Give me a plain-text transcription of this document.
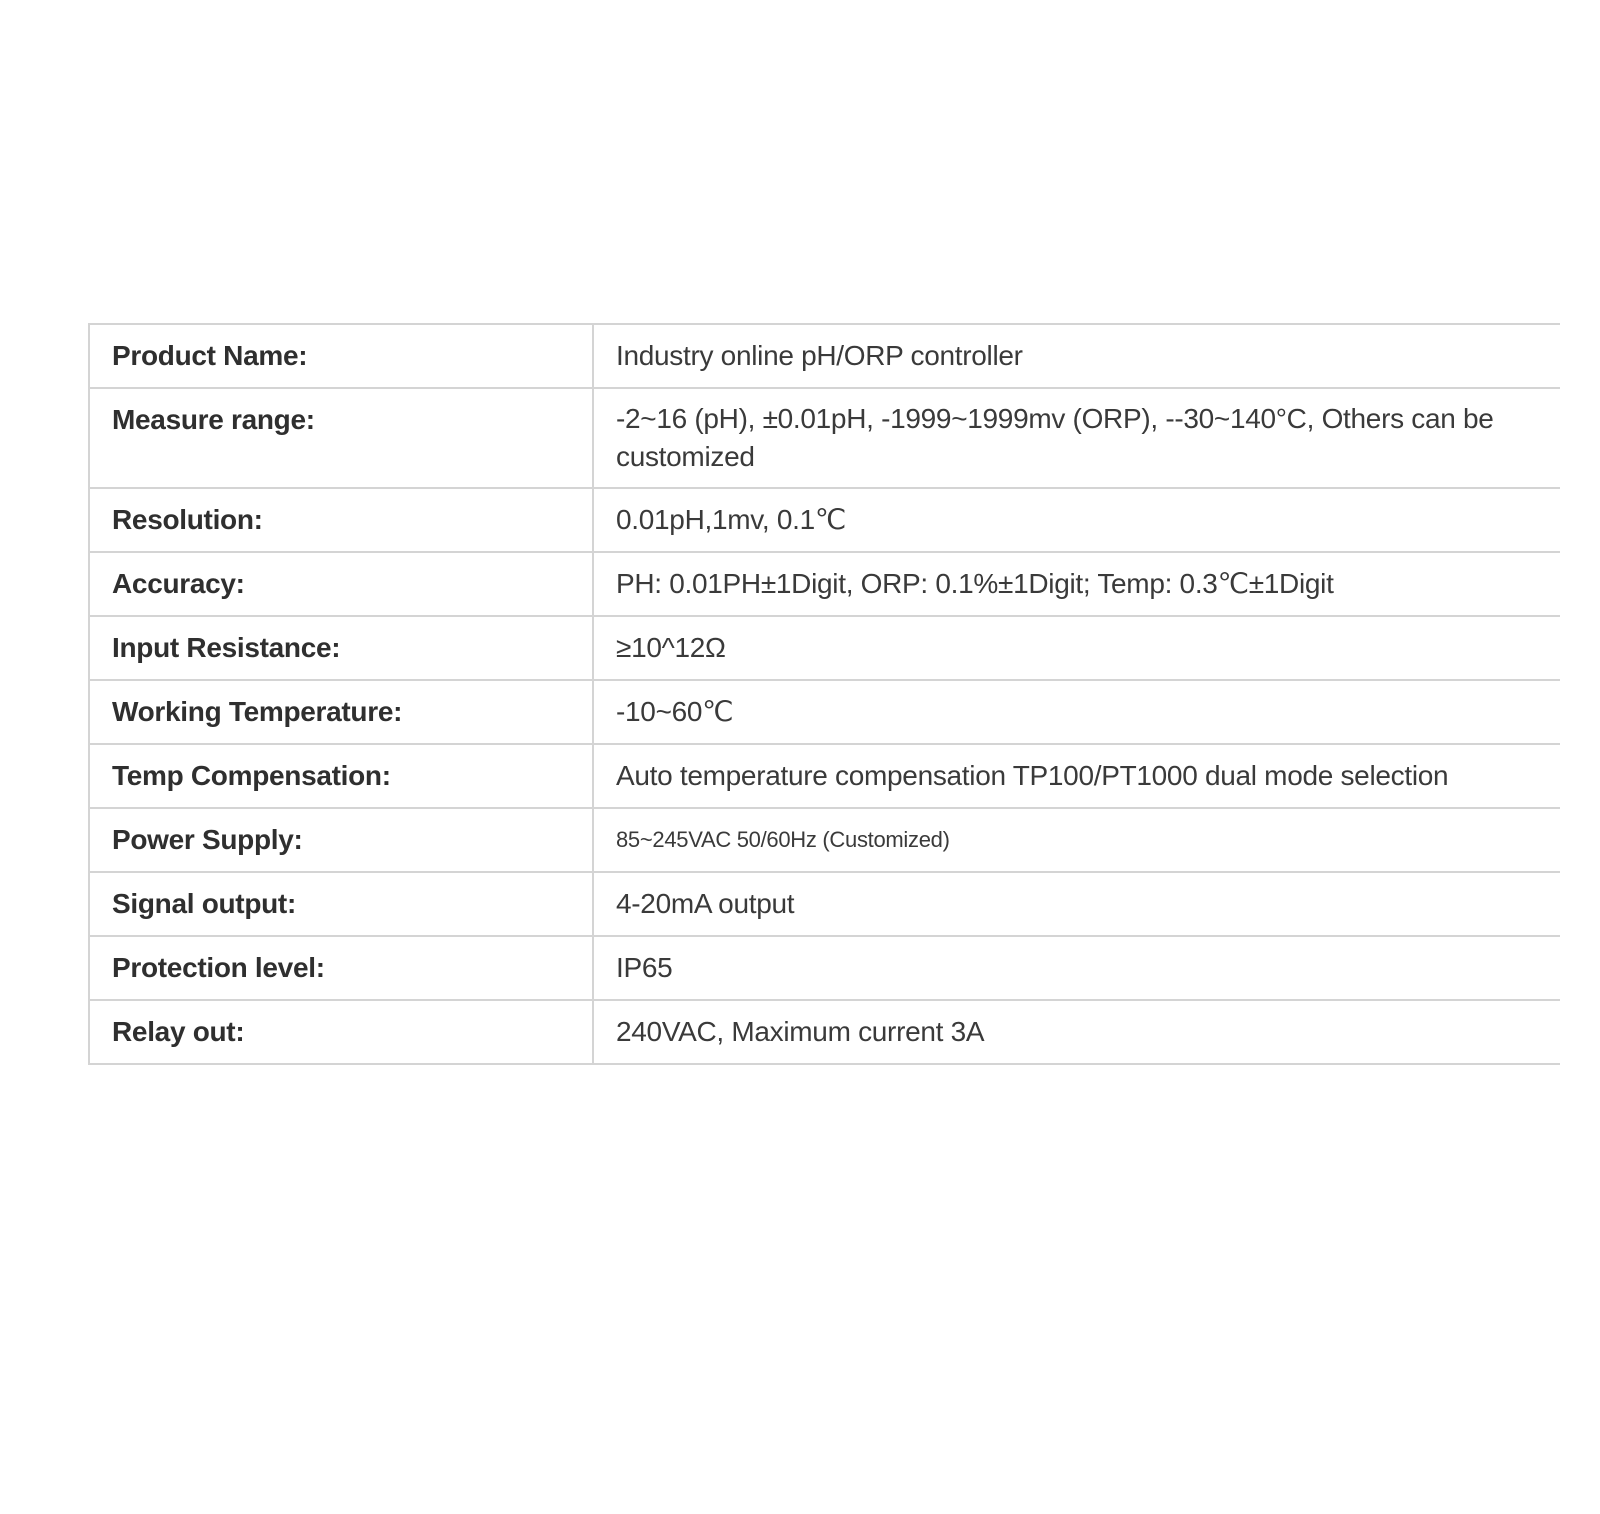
Product Name:	Industry online pH/ORP controller
Measure range:	-2~16 (pH), ±0.01pH, -1999~1999mv (ORP), --30~140°C, Others can be customized
Resolution:	0.01pH,1mv, 0.1℃
Accuracy:	PH: 0.01PH±1Digit, ORP: 0.1%±1Digit; Temp: 0.3℃±1Digit
Input Resistance:	≥10^12Ω
Working Temperature:	-10~60℃
Temp Compensation:	Auto temperature compensation TP100/PT1000 dual mode selection
Power Supply:	85~245VAC 50/60Hz (Customized)
Signal output:	4-20mA output
Protection level:	IP65
Relay out:	240VAC, Maximum current 3A
